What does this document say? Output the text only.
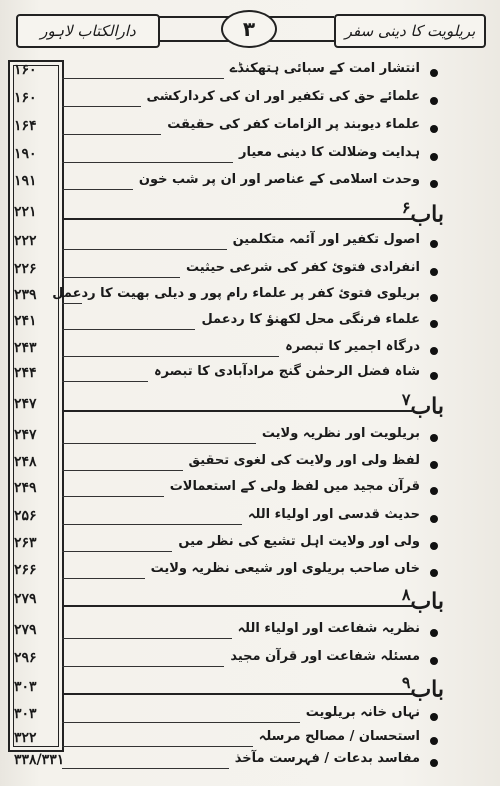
دارالکتاب لاہور	۳	بریلویت کا دینی سفر
۱۶۰	انتشار امت کے سبائی ہتھکنڈے
۱۶۰	علمائے حق کی تکفیر اور ان کی کردارکشی
۱۶۴	علماء دیوبند پر الزامات کفر کی حقیقت
۱۹۰	ہدایت وضلالت کا دینی معیار
۱۹۱	وحدت اسلامی کے عناصر اور ان پر شب خون
۲۲۱	باب$^۶$
۲۲۲	اصول تکفیر اور آئمہ متکلمین
۲۲۶	انفرادی فتوئ کفر کی شرعی حیثیت
۲۳۹	بریلوی فتوئ کفر پر علماء رام پور و دیلی بھیت کا ردعمل
۲۴۱	علماء فرنگی محل لکھنؤ کا ردعمل
۲۴۳	درگاہ اجمیر کا تبصرہ
۲۴۴	شاہ فضل الرحمٰن گنج مرادآبادی کا تبصرہ
۲۴۷	باب$^۷$
۲۴۷	بریلویت اور نظریہ ولایت
۲۴۸	لفظ ولی اور ولایت کی لغوی تحقیق
۲۴۹	قرآن مجید میں لفظ ولی کے استعمالات
۲۵۶	حدیث قدسی اور اولیاء اللہ
۲۶۳	ولی اور ولایت اہل تشیع کی نظر میں
۲۶۶	خاں صاحب بریلوی اور شیعی نظریہ ولایت
۲۷۹	باب$^۸$
۲۷۹	نظریہ شفاعت اور اولیاء اللہ
۲۹۶	مسئلہ شفاعت اور قرآن مجید
۳۰۳	باب$^۹$
۳۰۳	نہاں خانہ بریلویت
۳۲۲	استحسان / مصالح مرسلہ
۳۳۸/۳۳۱	مفاسد بدعات / فہرست مآخذ
